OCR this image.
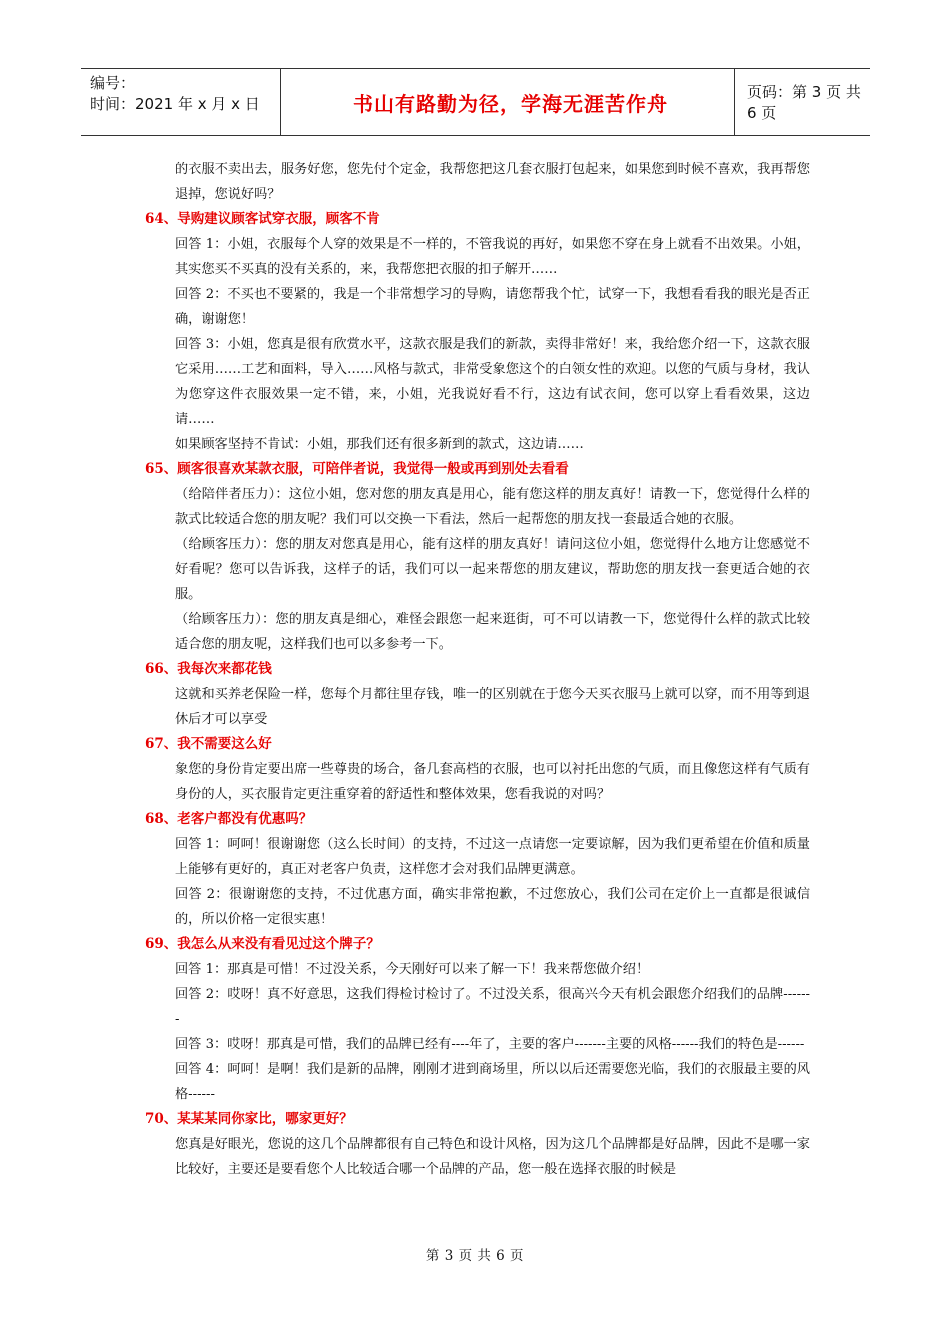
编号：
时间：2021 年 x 月 x 日	书山有路勤为径，学海无涯苦作舟	页码：第 3 页 共 6 页
的衣服不卖出去，服务好您，您先付个定金，我帮您把这几套衣服打包起来，如果您到时候不喜欢，我再帮您退掉，您说好吗？
64、导购建议顾客试穿衣服，顾客不肯
回答 1：小姐，衣服每个人穿的效果是不一样的，不管我说的再好，如果您不穿在身上就看不出效果。小姐，其实您买不买真的没有关系的，来，我帮您把衣服的扣子解开……
回答 2：不买也不要紧的，我是一个非常想学习的导购，请您帮我个忙，试穿一下，我想看看我的眼光是否正确，谢谢您！
回答 3：小姐，您真是很有欣赏水平，这款衣服是我们的新款，卖得非常好！来，我给您介绍一下，这款衣服它采用……工艺和面料，导入……风格与款式，非常受象您这个的白领女性的欢迎。以您的气质与身材，我认为您穿这件衣服效果一定不错，来，小姐，光我说好看不行，这边有试衣间，您可以穿上看看效果，这边请……
如果顾客坚持不肯试：小姐，那我们还有很多新到的款式，这边请……
65、顾客很喜欢某款衣服，可陪伴者说，我觉得一般或再到别处去看看
（给陪伴者压力）：这位小姐，您对您的朋友真是用心，能有您这样的朋友真好！请教一下，您觉得什么样的款式比较适合您的朋友呢？我们可以交换一下看法，然后一起帮您的朋友找一套最适合她的衣服。
（给顾客压力）：您的朋友对您真是用心，能有这样的朋友真好！请问这位小姐，您觉得什么地方让您感觉不好看呢？您可以告诉我，这样子的话，我们可以一起来帮您的朋友建议，帮助您的朋友找一套更适合她的衣服。
（给顾客压力）：您的朋友真是细心，难怪会跟您一起来逛街，可不可以请教一下，您觉得什么样的款式比较适合您的朋友呢，这样我们也可以多参考一下。
66、我每次来都花钱
这就和买养老保险一样，您每个月都往里存钱，唯一的区别就在于您今天买衣服马上就可以穿，而不用等到退休后才可以享受
67、我不需要这么好
象您的身份肯定要出席一些尊贵的场合，备几套高档的衣服，也可以衬托出您的气质，而且像您这样有气质有身份的人，买衣服肯定更注重穿着的舒适性和整体效果，您看我说的对吗？
68、老客户都没有优惠吗？
回答 1：呵呵！很谢谢您（这么长时间）的支持，不过这一点请您一定要谅解，因为我们更希望在价值和质量上能够有更好的，真正对老客户负责，这样您才会对我们品牌更满意。
回答 2：很谢谢您的支持，不过优惠方面，确实非常抱歉，不过您放心，我们公司在定价上一直都是很诚信的，所以价格一定很实惠！
69、我怎么从来没有看见过这个牌子？
回答 1：那真是可惜！不过没关系，今天刚好可以来了解一下！我来帮您做介绍！
回答 2：哎呀！真不好意思，这我们得检讨检讨了。不过没关系，很高兴今天有机会跟您介绍我们的品牌-------
回答 3：哎呀！那真是可惜，我们的品牌已经有----年了，主要的客户-------主要的风格------我们的特色是------
回答 4：呵呵！是啊！我们是新的品牌，刚刚才进到商场里，所以以后还需要您光临，我们的衣服最主要的风格------
70、某某某同你家比，哪家更好？
您真是好眼光，您说的这几个品牌都很有自己特色和设计风格，因为这几个品牌都是好品牌，因此不是哪一家比较好，主要还是要看您个人比较适合哪一个品牌的产品，您一般在选择衣服的时候是
第 3 页 共 6 页
